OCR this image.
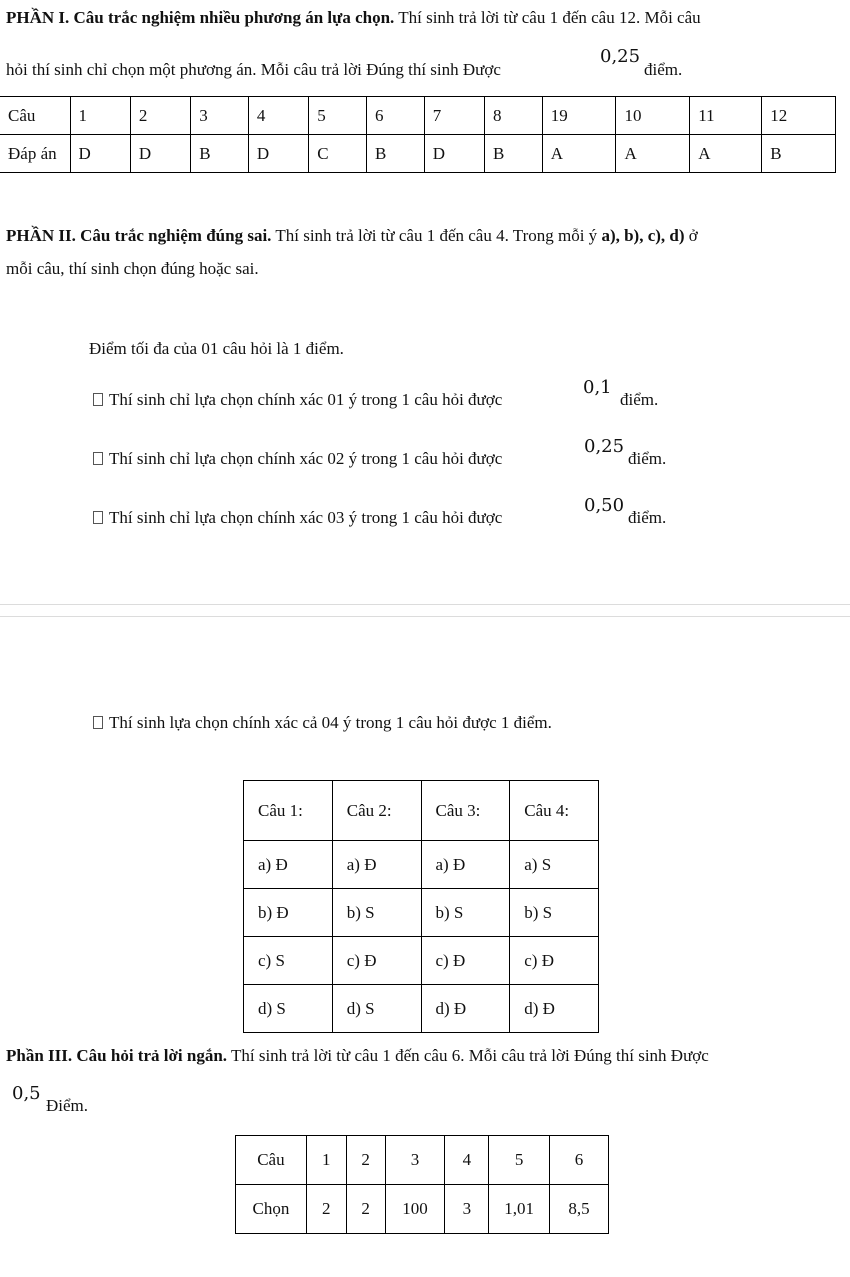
PHẦN I. Câu trắc nghiệm nhiều phương án lựa chọn. Thí sinh trả lời từ câu 1 đến câu 12. Mỗi câu
hỏi thí sinh chỉ chọn một phương án. Mỗi câu trả lời Đúng thí sinh Được
0,25
điểm.
Câu	1	2	3	4	5	6	7	8	19	10	11	12
Đáp án	D	D	B	D	C	B	D	B	A	A	A	B
PHẦN II. Câu trắc nghiệm đúng sai. Thí sinh trả lời từ câu 1 đến câu 4. Trong mỗi ý a), b), c), d) ở
mỗi câu, thí sinh chọn đúng hoặc sai.
Điểm tối đa của 01 câu hỏi là 1 điểm.
Thí sinh chỉ lựa chọn chính xác 01 ý trong 1 câu hỏi được
0,1
điểm.
Thí sinh chỉ lựa chọn chính xác 02 ý trong 1 câu hỏi được
0,25
điểm.
Thí sinh chỉ lựa chọn chính xác 03 ý trong 1 câu hỏi được
0,50
điểm.
Thí sinh lựa chọn chính xác cả 04 ý trong 1 câu hỏi được 1 điểm.
Câu 1:	Câu 2:	Câu 3:	Câu 4:
a) Đ	a) Đ	a) Đ	a) S
b) Đ	b) S	b) S	b) S
c) S	c) Đ	c) Đ	c) Đ
d) S	d) S	d) Đ	d) Đ
Phần III. Câu hỏi trả lời ngắn. Thí sinh trả lời từ câu 1 đến câu 6. Mỗi câu trả lời Đúng thí sinh Được
0,5
Điểm.
Câu	1	2	3	4	5	6
Chọn	2	2	100	3	1,01	8,5
